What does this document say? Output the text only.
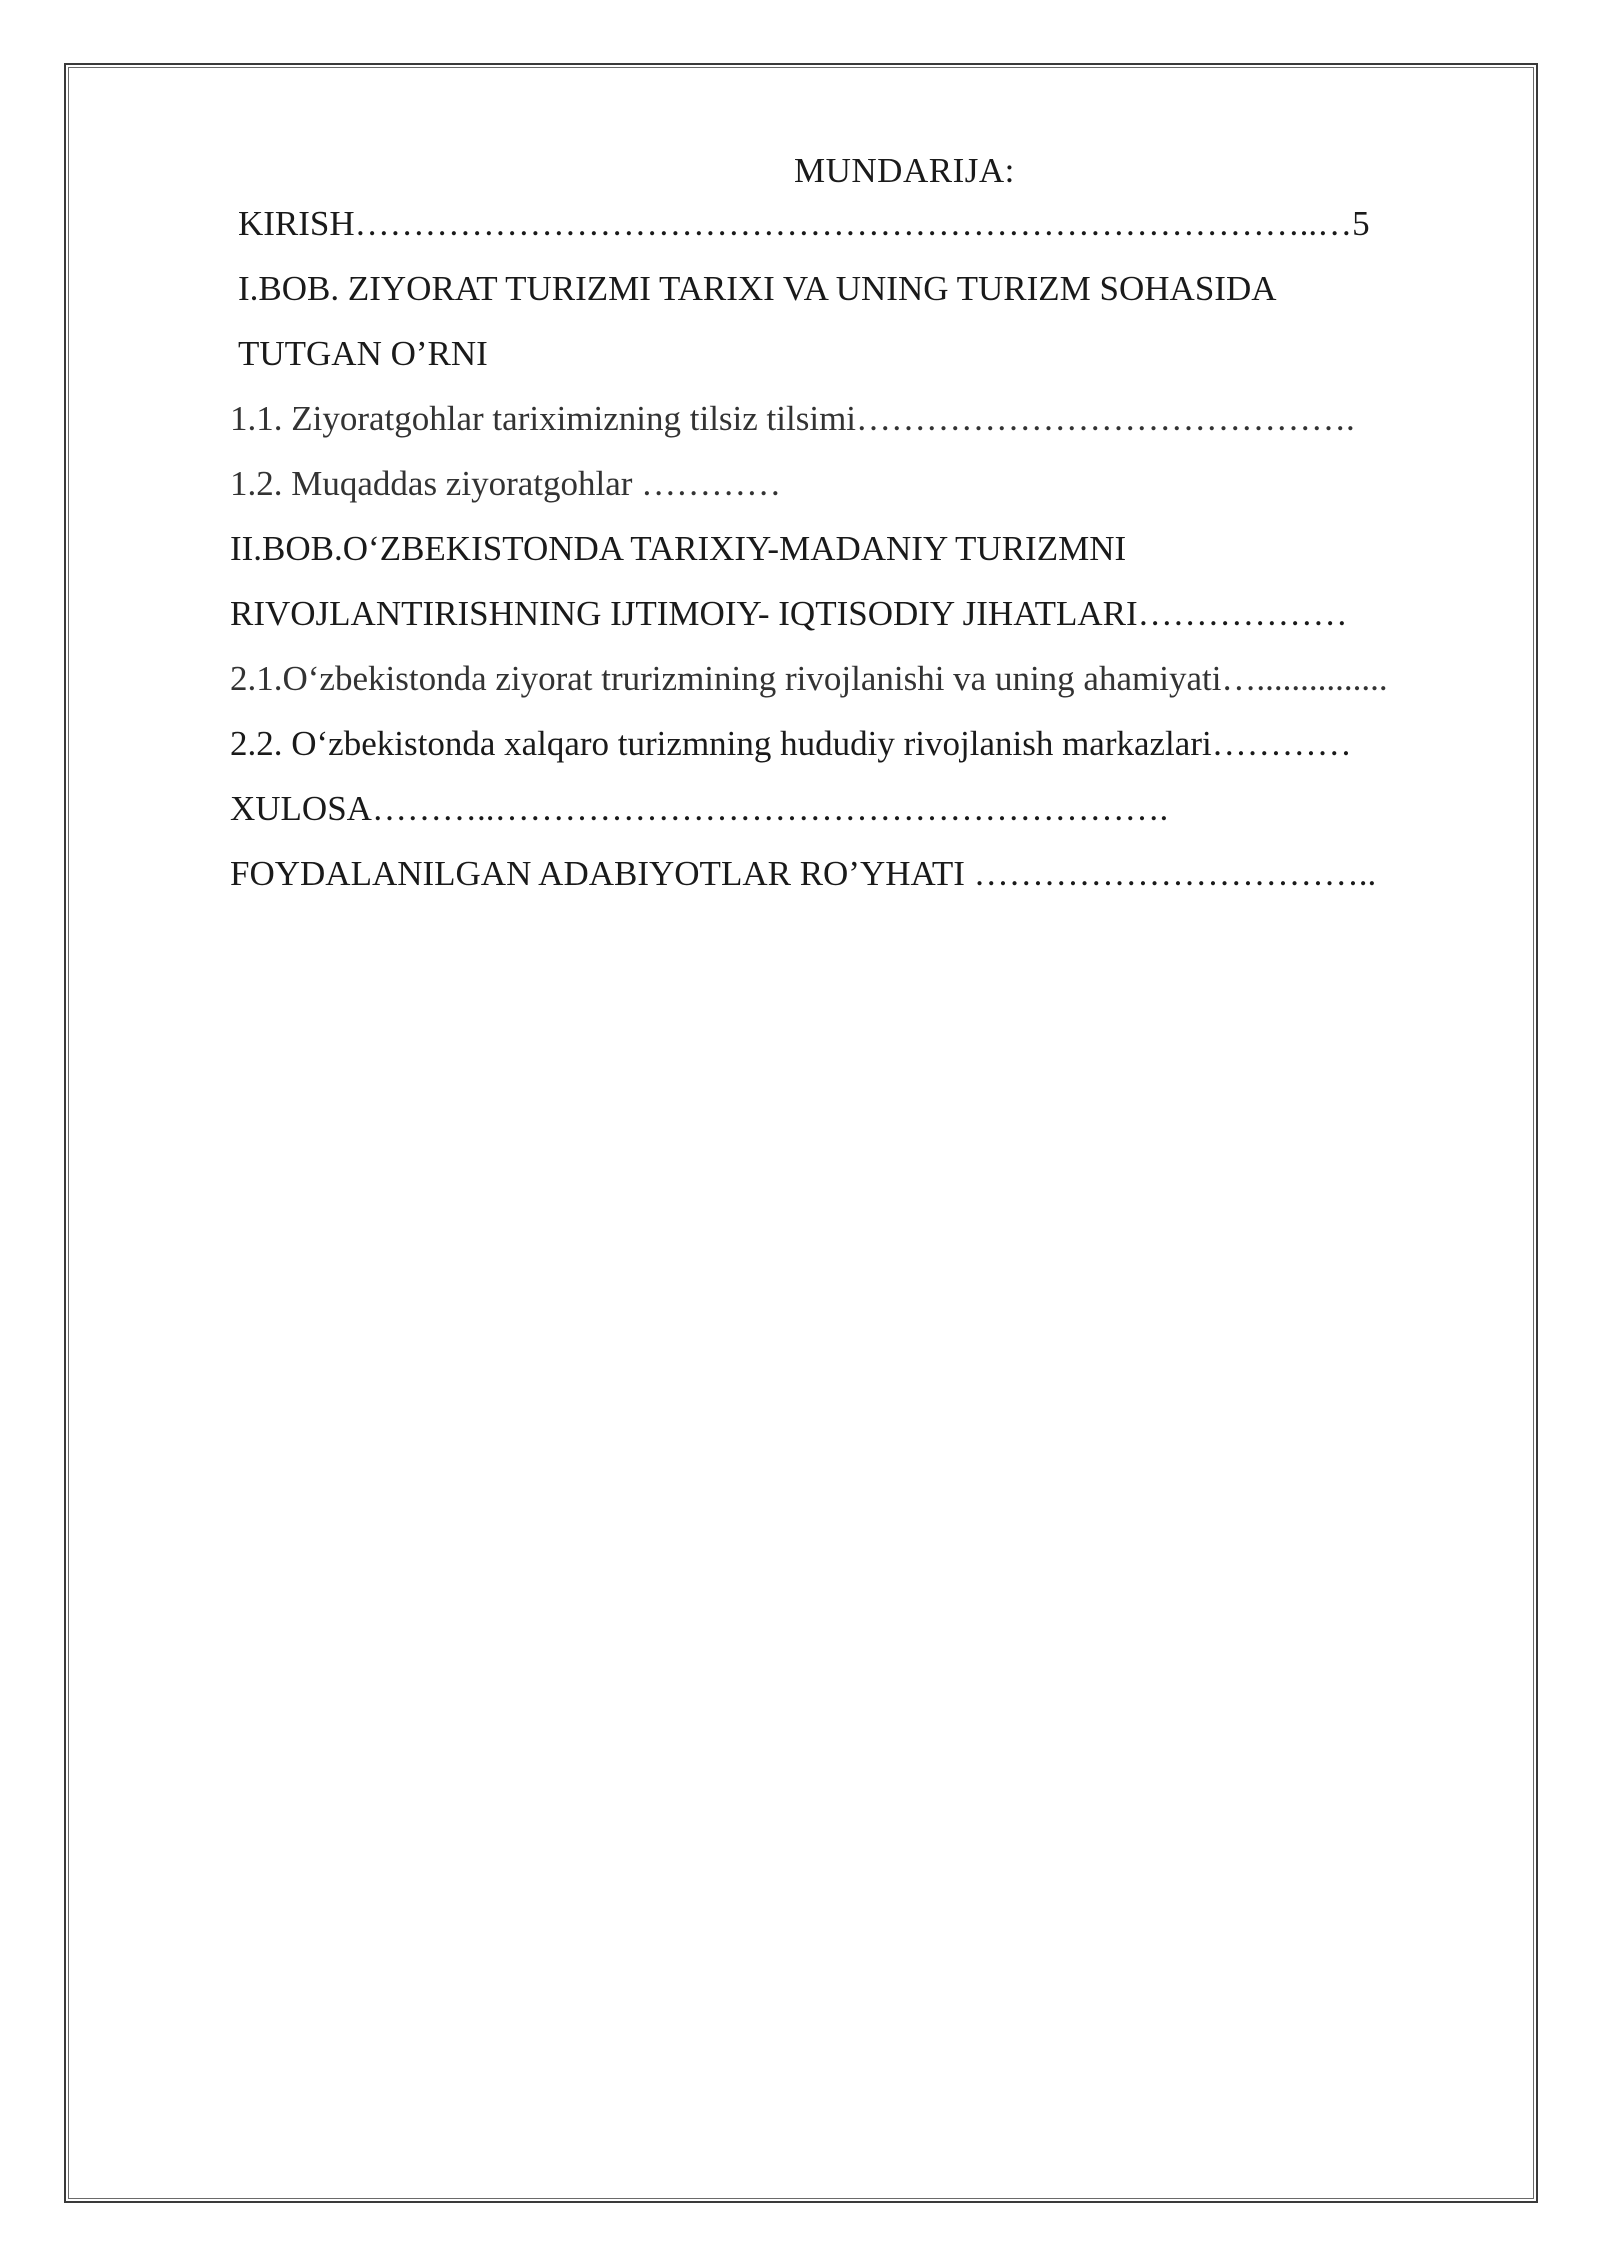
MUNDARIJA:
KIRISH………………………………………………………………………..…5
I.BOB. ZIYORAT TURIZMI TARIXI VA UNING TURIZM SOHASIDA
TUTGAN O’RNI
1.1. Ziyoratgohlar tariximizning tilsiz tilsimi…………………………………….
1.2. Muqaddas ziyoratgohlar …………
II.BOB.O‘ZBEKISTONDA TARIXIY-MADANIY TURIZMNI
RIVOJLANTIRISHNING IJTIMOIY- IQTISODIY JIHATLARI………………
2.1.O‘zbekistonda ziyorat trurizmining rivojlanishi va uning ahamiyati…...............
2.2. O‘zbekistonda xalqaro turizmning hududiy rivojlanish markazlari…………
XULOSA………..………………………………………………….
FOYDALANILGAN ADABIYOTLAR RO’YHATI ……………………………..
